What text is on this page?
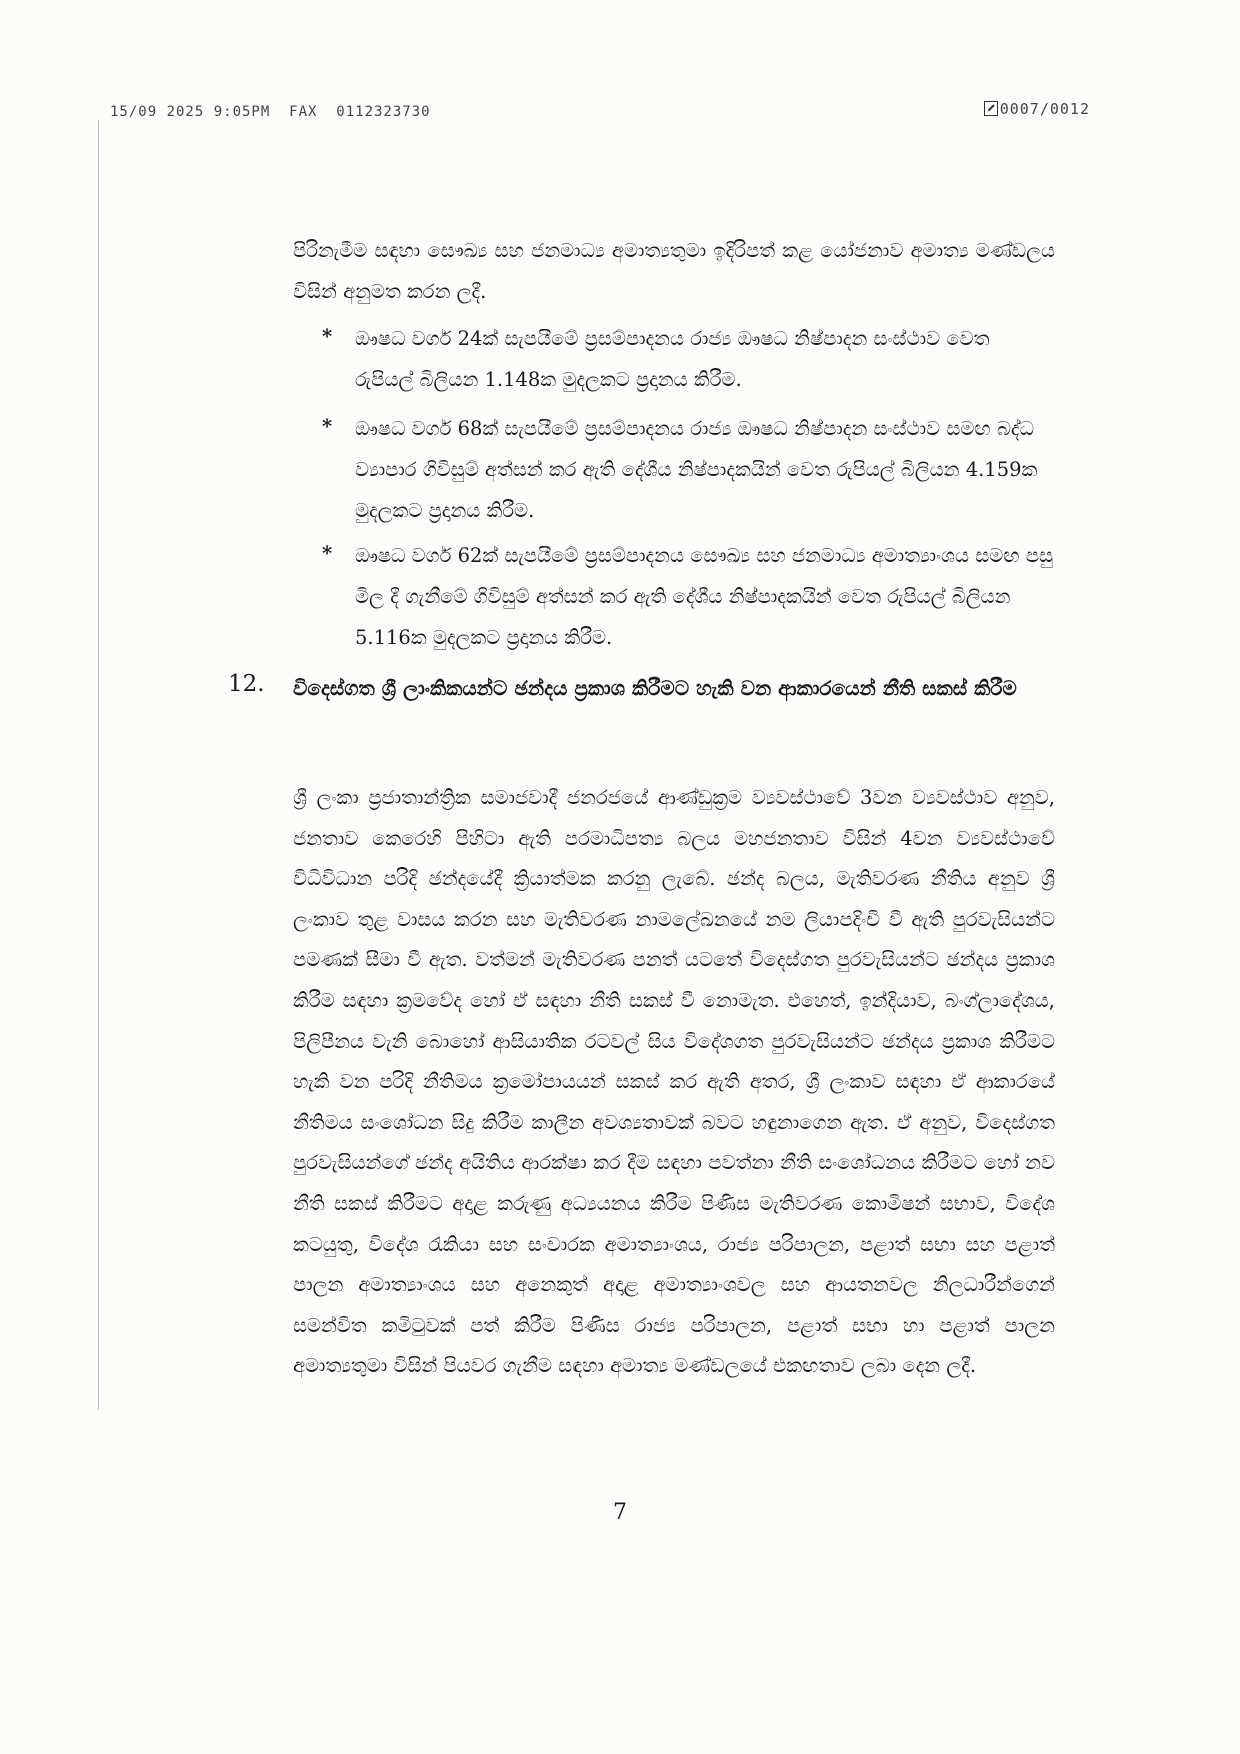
15/09 2025 9:05PM  FAX  0112323730	0007/0012
පිරිනැමීම සඳහා සෞඛ්‍ය සහ ජනමාධ්‍ය අමාත්‍යතුමා ඉදිරිපත් කළ යෝජනාව අමාත්‍ය මණ්ඩලය විසින් අනුමත කරන ලදී.
* ඖෂධ වර්ග 24ක් සැපයීමේ ප්‍රසම්පාදනය රාජ්‍ය ඖෂධ නිෂ්පාදන සංස්ථාව වෙත රුපියල් බිලියන 1.148ක මුදලකට ප්‍රදානය කිරීම.
* ඖෂධ වර්ග 68ක් සැපයීමේ ප්‍රසම්පාදනය රාජ්‍ය ඖෂධ නිෂ්පාදන සංස්ථාව සමඟ බද්ධ ව්‍යාපාර ගිවිසුම් අත්සන් කර ඇති දේශීය නිෂ්පාදකයින් වෙත රුපියල් බිලියන 4.159ක මුදලකට ප්‍රදානය කිරීම.
* ඖෂධ වර්ග 62ක් සැපයීමේ ප්‍රසම්පාදනය සෞඛ්‍ය සහ ජනමාධ්‍ය අමාත්‍යාංශය සමඟ පසු මිල දී ගැනීමේ ගිවිසුම් අත්සන් කර ඇති දේශීය නිෂ්පාදකයින් වෙත රුපියල් බිලියන 5.116ක මුදලකට ප්‍රදානය කිරීම.
12. විදෙස්ගත ශ්‍රී ලාංකිකයන්ට ඡන්දය ප්‍රකාශ කිරීමට හැකි වන ආකාරයෙන් නීති සකස් කිරීම
ශ්‍රී ලංකා ප්‍රජාතාන්ත්‍රික සමාජවාදී ජනරජයේ ආණ්ඩුක්‍රම ව්‍යවස්ථාවේ 3වන ව්‍යවස්ථාව අනුව, ජනතාව කෙරෙහි පිහිටා ඇති පරමාධිපත්‍ය බලය මහජනතාව විසින් 4වන ව්‍යවස්ථාවේ විධිවිධාන පරිදි ඡන්දයේදී ක්‍රියාත්මක කරනු ලැබේ. ඡන්ද බලය, මැතිවරණ නීතිය අනුව ශ්‍රී ලංකාව තුළ වාසය කරන සහ මැතිවරණ නාමලේඛනයේ නම ලියාපදිංචි වී ඇති පුරවැසියන්ට පමණක් සීමා වී ඇත. වත්මන් මැතිවරණ පනත් යටතේ විදෙස්ගත පුරවැසියන්ට ඡන්දය ප්‍රකාශ කිරීම සඳහා ක්‍රමවේද හෝ ඒ සඳහා නීති සකස් වී නොමැත. එහෙත්, ඉන්දියාව, බංග්ලාදේශය, පිලිපීනය වැනි බොහෝ ආසියාතික රටවල් සිය විදේශගත පුරවැසියන්ට ඡන්දය ප්‍රකාශ කිරීමට හැකි වන පරිදි නීතිමය ක්‍රමෝපායයන් සකස් කර ඇති අතර, ශ්‍රී ලංකාව සඳහා ඒ ආකාරයේ නීතිමය සංශෝධන සිදු කිරීම කාලීන අවශ්‍යතාවක් බවට හඳුනාගෙන ඇත. ඒ අනුව, විදෙස්ගත පුරවැසියන්ගේ ඡන්ද අයිතිය ආරක්ෂා කර දීම සඳහා පවත්නා නීති සංශෝධනය කිරීමට හෝ නව නීති සකස් කිරීමට අදාළ කරුණු අධ්‍යයනය කිරීම පිණිස මැතිවරණ කොමිෂන් සභාව, විදේශ කටයුතු, විදේශ රැකියා සහ සංචාරක අමාත්‍යාංශය, රාජ්‍ය පරිපාලන, පළාත් සභා සහ පළාත් පාලන අමාත්‍යාංශය සහ අනෙකුත් අදාළ අමාත්‍යාංශවල සහ ආයතනවල නිලධාරීන්ගෙන් සමන්විත කමිටුවක් පත් කිරීම පිණිස රාජ්‍ය පරිපාලන, පළාත් සභා හා පළාත් පාලන අමාත්‍යතුමා විසින් පියවර ගැනීම සඳහා අමාත්‍ය මණ්ඩලයේ එකඟතාව ලබා දෙන ලදී.
7
